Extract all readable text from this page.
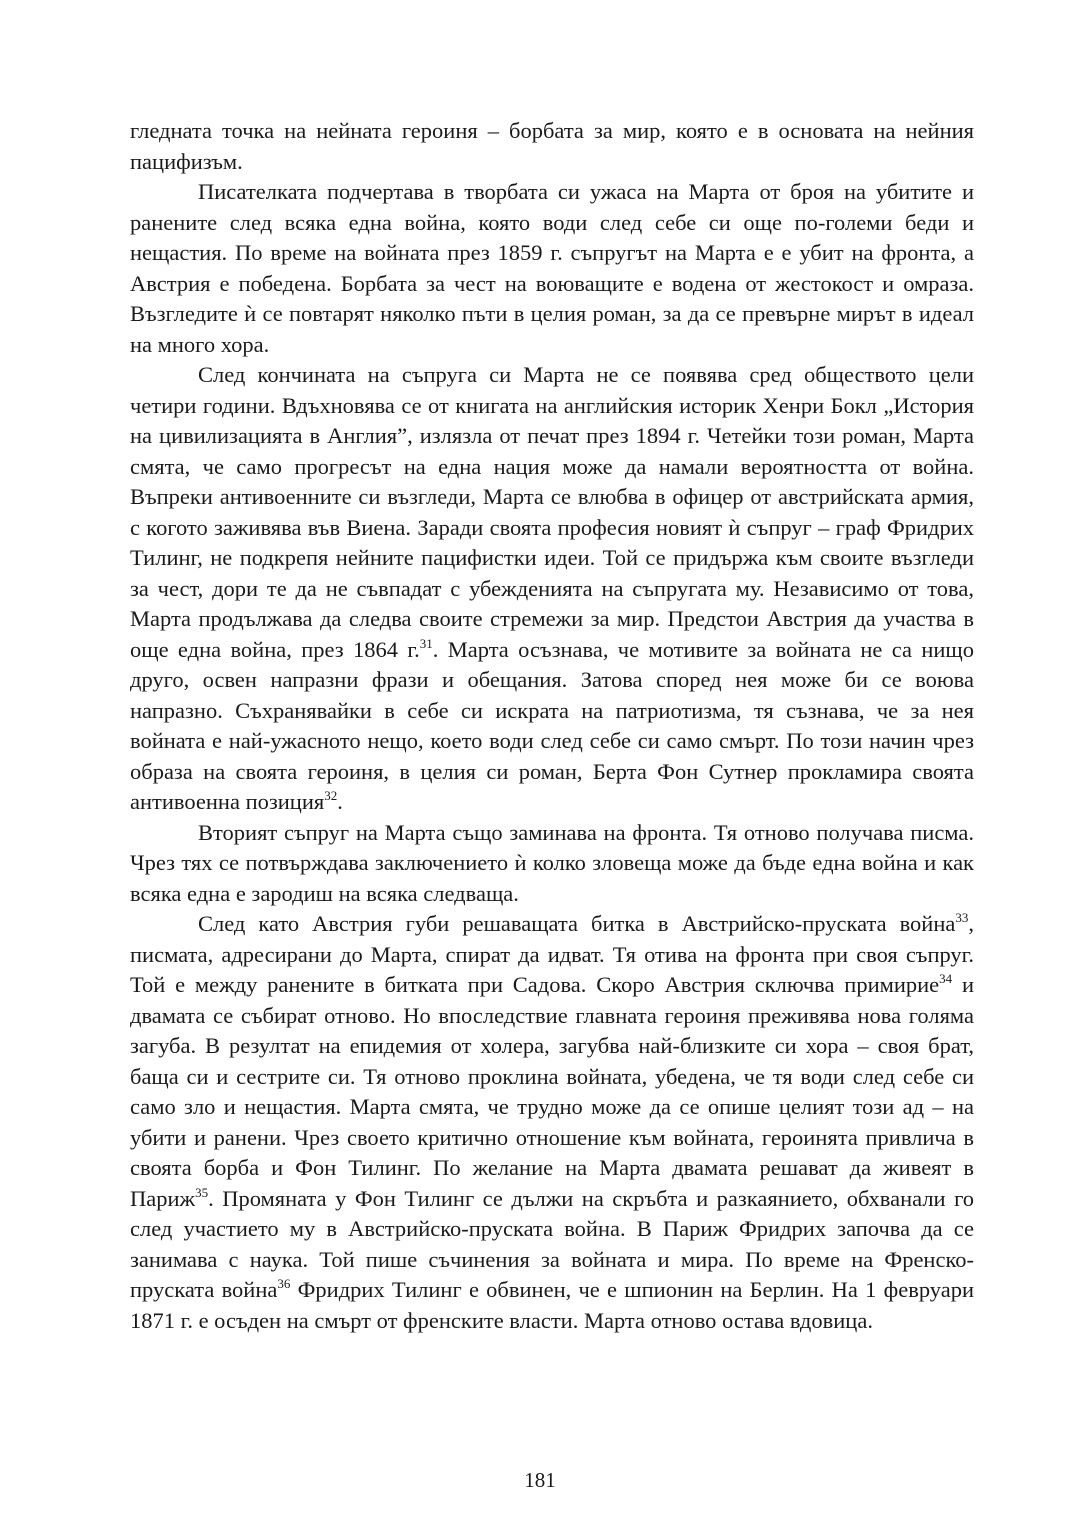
гледната точка на нейната героиня – борбата за мир, която е в основата на нейния пацифизъм.

Писателката подчертава в творбата си ужаса на Марта от броя на убитите и ранените след всяка една война, която води след себе си още по-големи беди и нещастия. По време на войната през 1859 г. съпругът на Марта е е убит на фронта, а Австрия е победена. Борбата за чест на воюващите е водена от жестокост и омраза. Възгледите ѝ се повтарят няколко пъти в целия роман, за да се превърне мирът в идеал на много хора.

След кончината на съпруга си Марта не се появява сред обществото цели четири години. Вдъхновява се от книгата на английския историк Хенри Бокл „История на цивилизацията в Англия”, излязла от печат през 1894 г. Четейки този роман, Марта смята, че само прогресът на една нация може да намали вероятността от война. Въпреки антивоенните си възгледи, Марта се влюбва в офицер от австрийската армия, с когото заживява във Виена. Заради своята професия новият ѝ съпруг – граф Фридрих Тилинг, не подкрепя нейните пацифистки идеи. Той се придържа към своите възгледи за чест, дори те да не съвпадат с убежденията на съпругата му. Независимо от това, Марта продължава да следва своите стремежи за мир. Предстои Австрия да участва в още една война, през 1864 г.$^{31}$. Марта осъзнава, че мотивите за войната не са нищо друго, освен напразни фрази и обещания. Затова според нея може би се воюва напразно. Съхранявайки в себе си искрата на патриотизма, тя съзнава, че за нея войната е най-ужасното нещо, което води след себе си само смърт. По този начин чрез образа на своята героиня, в целия си роман, Берта Фон Сутнер прокламира своята антивоенна позиция$^{32}$.

Вторият съпруг на Марта също заминава на фронта. Тя отново получава писма. Чрез тях се потвърждава заключението ѝ колко зловеща може да бъде една война и как всяка една е зародиш на всяка следваща.

След като Австрия губи решаващата битка в Австрийско-пруската война$^{33}$, писмата, адресирани до Марта, спират да идват. Тя отива на фронта при своя съпруг. Той е между ранените в битката при Садова. Скоро Австрия сключва примирие$^{34}$ и двамата се събират отново. Но впоследствие главната героиня преживява нова голяма загуба. В резултат на епидемия от холера, загубва най-близките си хора – своя брат, баща си и сестрите си. Тя отново проклина войната, убедена, че тя води след себе си само зло и нещастия. Марта смята, че трудно може да се опише целият този ад – на убити и ранени. Чрез своето критично отношение към войната, героинята привлича в своята борба и Фон Тилинг. По желание на Марта двамата решават да живеят в Париж$^{35}$. Промяната у Фон Тилинг се дължи на скръбта и разкаянието, обхванали го след участието му в Австрийско-пруската война. В Париж Фридрих започва да се занимава с наука. Той пише съчинения за войната и мира. По време на Френско-пруската война$^{36}$ Фридрих Тилинг е обвинен, че е шпионин на Берлин. На 1 февруари 1871 г. е осъден на смърт от френските власти. Марта отново остава вдовица.

181
